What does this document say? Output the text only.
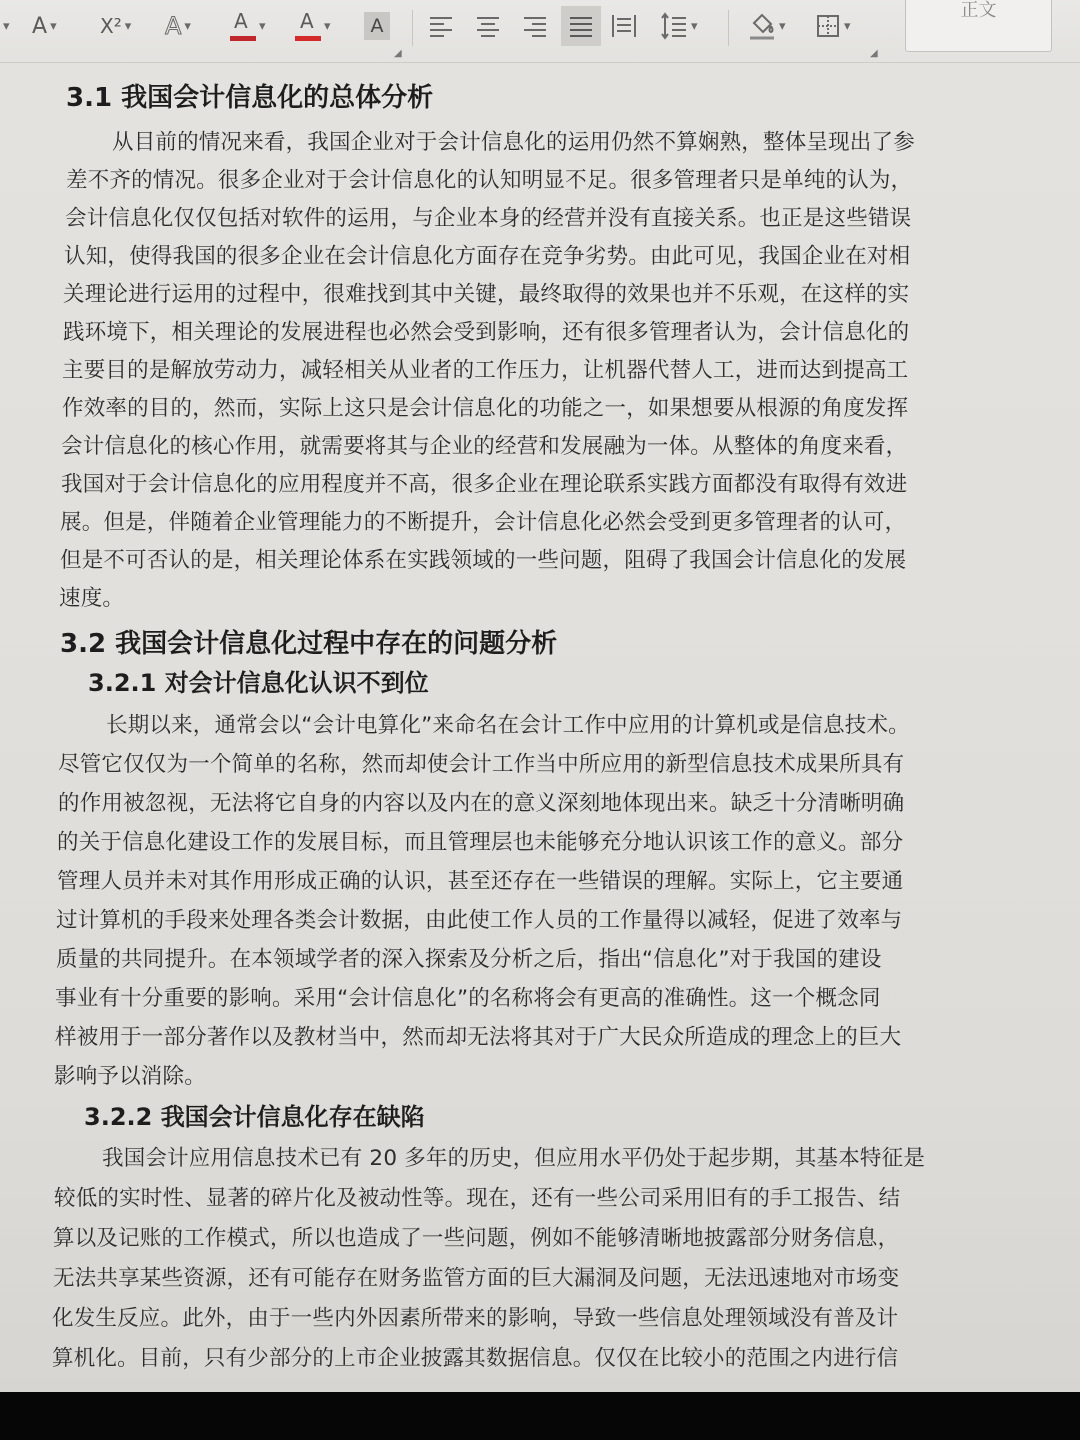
▾ A ▾ X² ▾ A ▾ A ▾ A ▾	A
◢
▾	▾	▾
◢
正文
3.1 我国会计信息化的总体分析
从目前的情况来看，我国企业对于会计信息化的运用仍然不算娴熟，整体呈现出了参
差不齐的情况。很多企业对于会计信息化的认知明显不足。很多管理者只是单纯的认为，
会计信息化仅仅包括对软件的运用，与企业本身的经营并没有直接关系。也正是这些错误
认知，使得我国的很多企业在会计信息化方面存在竞争劣势。由此可见，我国企业在对相
关理论进行运用的过程中，很难找到其中关键，最终取得的效果也并不乐观，在这样的实
践环境下，相关理论的发展进程也必然会受到影响，还有很多管理者认为，会计信息化的
主要目的是解放劳动力，减轻相关从业者的工作压力，让机器代替人工，进而达到提高工
作效率的目的，然而，实际上这只是会计信息化的功能之一，如果想要从根源的角度发挥
会计信息化的核心作用，就需要将其与企业的经营和发展融为一体。从整体的角度来看，
我国对于会计信息化的应用程度并不高，很多企业在理论联系实践方面都没有取得有效进
展。但是，伴随着企业管理能力的不断提升，会计信息化必然会受到更多管理者的认可，
但是不可否认的是，相关理论体系在实践领域的一些问题，阻碍了我国会计信息化的发展
速度。
3.2 我国会计信息化过程中存在的问题分析
3.2.1 对会计信息化认识不到位
长期以来，通常会以“会计电算化”来命名在会计工作中应用的计算机或是信息技术。
尽管它仅仅为一个简单的名称，然而却使会计工作当中所应用的新型信息技术成果所具有
的作用被忽视，无法将它自身的内容以及内在的意义深刻地体现出来。缺乏十分清晰明确
的关于信息化建设工作的发展目标，而且管理层也未能够充分地认识该工作的意义。部分
管理人员并未对其作用形成正确的认识，甚至还存在一些错误的理解。实际上，它主要通
过计算机的手段来处理各类会计数据，由此使工作人员的工作量得以减轻，促进了效率与
质量的共同提升。在本领域学者的深入探索及分析之后，指出“信息化”对于我国的建设
事业有十分重要的影响。采用“会计信息化”的名称将会有更高的准确性。这一个概念同
样被用于一部分著作以及教材当中，然而却无法将其对于广大民众所造成的理念上的巨大
影响予以消除。
3.2.2 我国会计信息化存在缺陷
我国会计应用信息技术已有 20 多年的历史，但应用水平仍处于起步期，其基本特征是
较低的实时性、显著的碎片化及被动性等。现在，还有一些公司采用旧有的手工报告、结
算以及记账的工作模式，所以也造成了一些问题，例如不能够清晰地披露部分财务信息，
无法共享某些资源，还有可能存在财务监管方面的巨大漏洞及问题，无法迅速地对市场变
化发生反应。此外，由于一些内外因素所带来的影响，导致一些信息处理领域没有普及计
算机化。目前，只有少部分的上市企业披露其数据信息。仅仅在比较小的范围之内进行信
